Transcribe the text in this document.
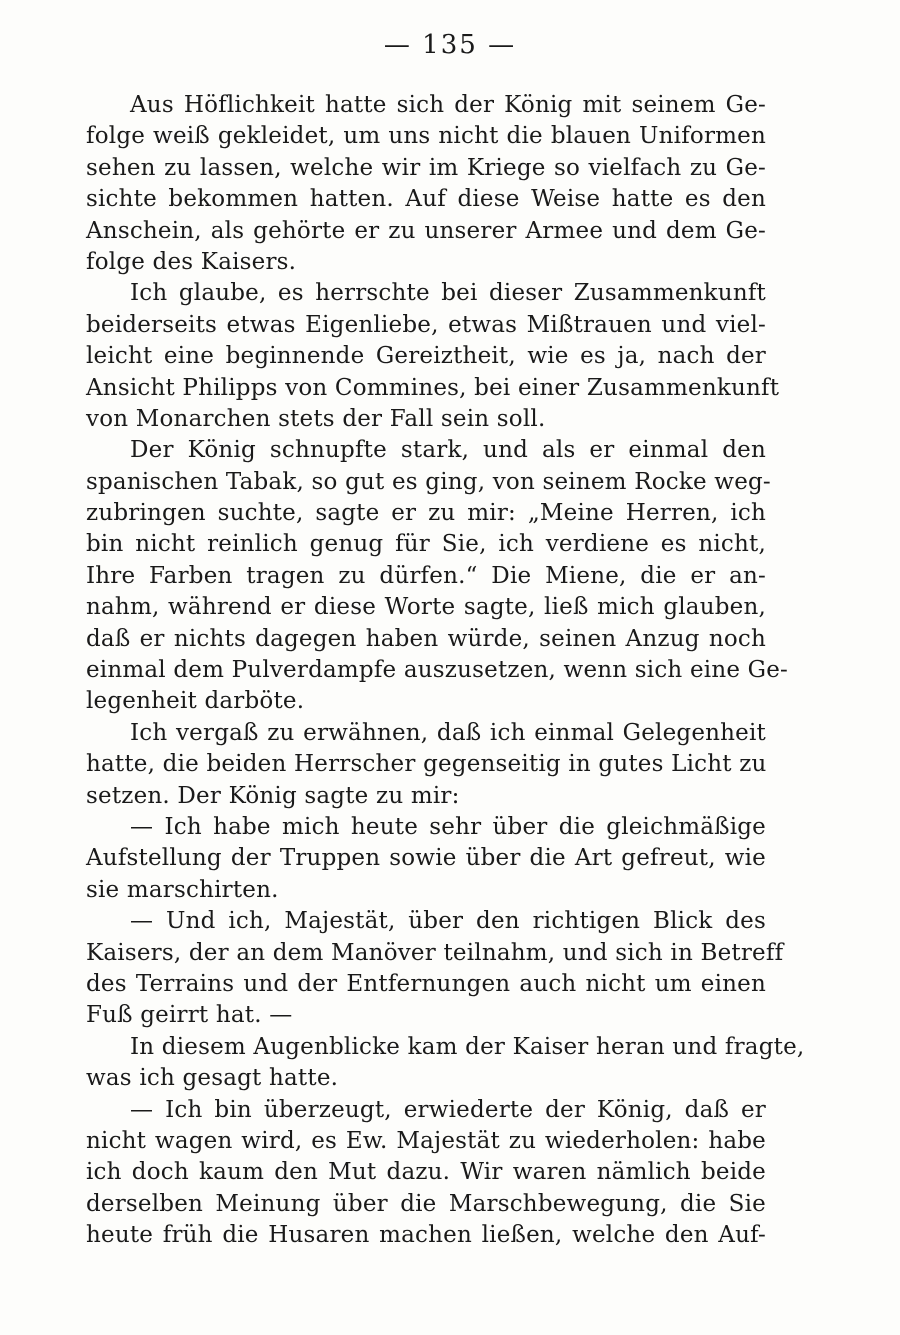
— 135 —
Aus Höflichkeit hatte sich der König mit seinem Ge-
folge weiß gekleidet, um uns nicht die blauen Uniformen
sehen zu lassen, welche wir im Kriege so vielfach zu Ge-
sichte bekommen hatten. Auf diese Weise hatte es den
Anschein, als gehörte er zu unserer Armee und dem Ge-
folge des Kaisers.
Ich glaube, es herrschte bei dieser Zusammenkunft
beiderseits etwas Eigenliebe, etwas Mißtrauen und viel-
leicht eine beginnende Gereiztheit, wie es ja, nach der
Ansicht Philipps von Commines, bei einer Zusammenkunft
von Monarchen stets der Fall sein soll.
Der König schnupfte stark, und als er einmal den
spanischen Tabak, so gut es ging, von seinem Rocke weg-
zubringen suchte, sagte er zu mir: „Meine Herren, ich
bin nicht reinlich genug für Sie, ich verdiene es nicht,
Ihre Farben tragen zu dürfen.“ Die Miene, die er an-
nahm, während er diese Worte sagte, ließ mich glauben,
daß er nichts dagegen haben würde, seinen Anzug noch
einmal dem Pulverdampfe auszusetzen, wenn sich eine Ge-
legenheit darböte.
Ich vergaß zu erwähnen, daß ich einmal Gelegenheit
hatte, die beiden Herrscher gegenseitig in gutes Licht zu
setzen. Der König sagte zu mir:
— Ich habe mich heute sehr über die gleichmäßige
Aufstellung der Truppen sowie über die Art gefreut, wie
sie marschirten.
— Und ich, Majestät, über den richtigen Blick des
Kaisers, der an dem Manöver teilnahm, und sich in Betreff
des Terrains und der Entfernungen auch nicht um einen
Fuß geirrt hat. —
In diesem Augenblicke kam der Kaiser heran und fragte,
was ich gesagt hatte.
— Ich bin überzeugt, erwiederte der König, daß er
nicht wagen wird, es Ew. Majestät zu wiederholen: habe
ich doch kaum den Mut dazu. Wir waren nämlich beide
derselben Meinung über die Marschbewegung, die Sie
heute früh die Husaren machen ließen, welche den Auf-
